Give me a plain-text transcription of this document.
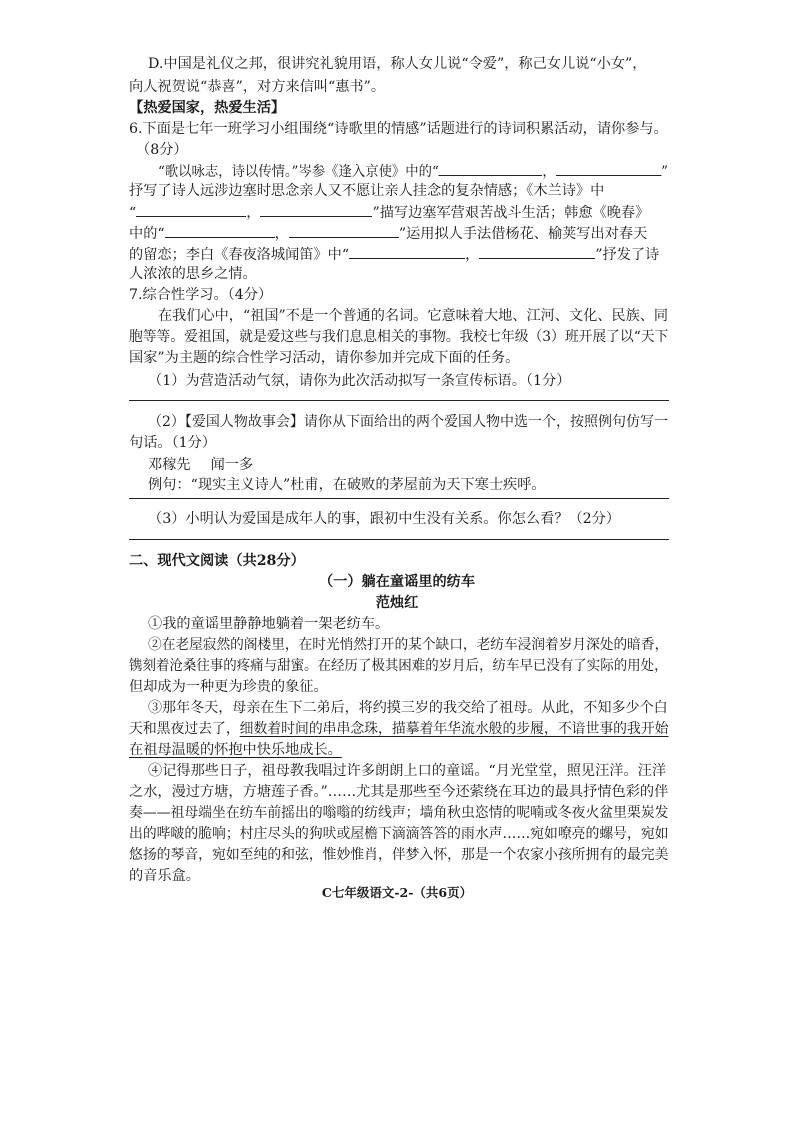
D.中国是礼仪之邦，很讲究礼貌用语，称人女儿说“令爱”，称己女儿说“小女”，
向人祝贺说“恭喜”，对方来信叫“惠书”。
【热爱国家，热爱生活】
6.下面是七年一班学习小组围绕“诗歌里的情感”话题进行的诗词积累活动，请你参与。
（8分）
“歌以咏志，诗以传情。”岑参《逢入京使》中的“	，	”
抒写了诗人远涉边塞时思念亲人又不愿让亲人挂念的复杂情感；《木兰诗》中
“	，	”描写边塞军营艰苦战斗生活；韩愈《晚春》
中的“	，	”运用拟人手法借杨花、榆荚写出对春天
的留恋；李白《春夜洛城闻笛》中“	，	”抒发了诗
人浓浓的思乡之情。
7.综合性学习。（4分）
在我们心中，“祖国”不是一个普通的名词。它意味着大地、江河、文化、民族、同
胞等等。爱祖国，就是爱这些与我们息息相关的事物。我校七年级（3）班开展了以“天下
国家”为主题的综合性学习活动，请你参加并完成下面的任务。
（1）为营造活动气氛，请你为此次活动拟写一条宣传标语。（1分）
（2）【爱国人物故事会】请你从下面给出的两个爱国人物中选一个，按照例句仿写一
句话。（1分）
邓稼先 闻一多
例句：“现实主义诗人”杜甫，在破败的茅屋前为天下寒士疾呼。
（3）小明认为爱国是成年人的事，跟初中生没有关系。你怎么看？（2分）
二、现代文阅读（共28分）
（一）躺在童谣里的纺车
范烛红
①我的童谣里静静地躺着一架老纺车。
②在老屋寂然的阁楼里，在时光悄然打开的某个缺口，老纺车浸润着岁月深处的暗香，
镌刻着沧桑往事的疼痛与甜蜜。在经历了极其困难的岁月后，纺车早已没有了实际的用处，
但却成为一种更为珍贵的象征。
③那年冬天，母亲在生下二弟后，将约摸三岁的我交给了祖母。从此，不知多少个白
天和黑夜过去了，细数着时间的串串念珠，描摹着年华流水般的步履，不谙世事的我开始
在祖母温暖的怀抱中快乐地成长。
④记得那些日子，祖母教我唱过许多朗朗上口的童谣。“月光堂堂，照见汪洋。汪洋
之水，漫过方塘，方塘莲子香。”……尤其是那些至今还萦绕在耳边的最具抒情色彩的伴
奏——祖母端坐在纺车前摇出的嗡嗡的纺线声；墙角秋虫恣情的呢喃或冬夜火盆里栗炭发
出的哔啵的脆响；村庄尽头的狗吠或屋檐下滴滴答答的雨水声……宛如嘹亮的螺号，宛如
悠扬的琴音，宛如至纯的和弦，惟妙惟肖，伴梦入怀，那是一个农家小孩所拥有的最完美
的音乐盒。
C七年级语文-2-（共6页）
